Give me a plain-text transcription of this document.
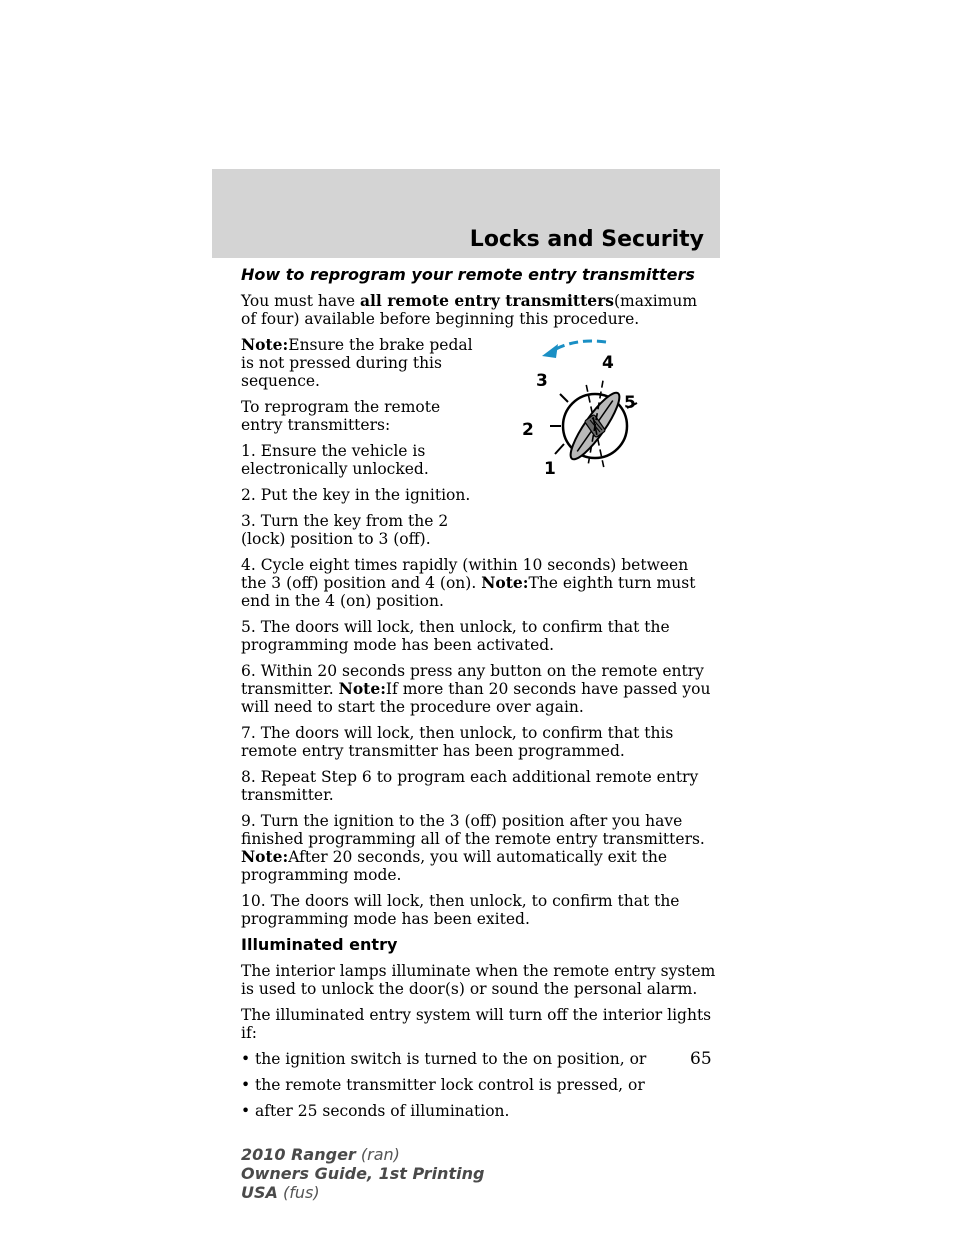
Locks and Security

How to reprogram your remote entry transmitters

You must have all remote entry transmitters(maximum of four) available before beginning this procedure.

Note:Ensure the brake pedal is not pressed during this sequence.

To reprogram the remote entry transmitters:

1. Ensure the vehicle is electronically unlocked.

2. Put the key in the ignition.

3. Turn the key from the 2 (lock) position to 3 (off).

4. Cycle eight times rapidly (within 10 seconds) between the 3 (off) position and 4 (on). Note:The eighth turn must end in the 4 (on) position.

5. The doors will lock, then unlock, to confirm that the programming mode has been activated.

6. Within 20 seconds press any button on the remote entry transmitter. Note:If more than 20 seconds have passed you will need to start the procedure over again.

7. The doors will lock, then unlock, to confirm that this remote entry transmitter has been programmed.

8. Repeat Step 6 to program each additional remote entry transmitter.

9. Turn the ignition to the 3 (off) position after you have finished programming all of the remote entry transmitters. Note:After 20 seconds, you will automatically exit the programming mode.

10. The doors will lock, then unlock, to confirm that the programming mode has been exited.

Illuminated entry

The interior lamps illuminate when the remote entry system is used to unlock the door(s) or sound the personal alarm.

The illuminated entry system will turn off the interior lights if:

• the ignition switch is turned to the on position, or
• the remote transmitter lock control is pressed, or
• after 25 seconds of illumination.
1
2
3
4
5
65
2010 Ranger (ran)
Owners Guide, 1st Printing
USA (fus)
